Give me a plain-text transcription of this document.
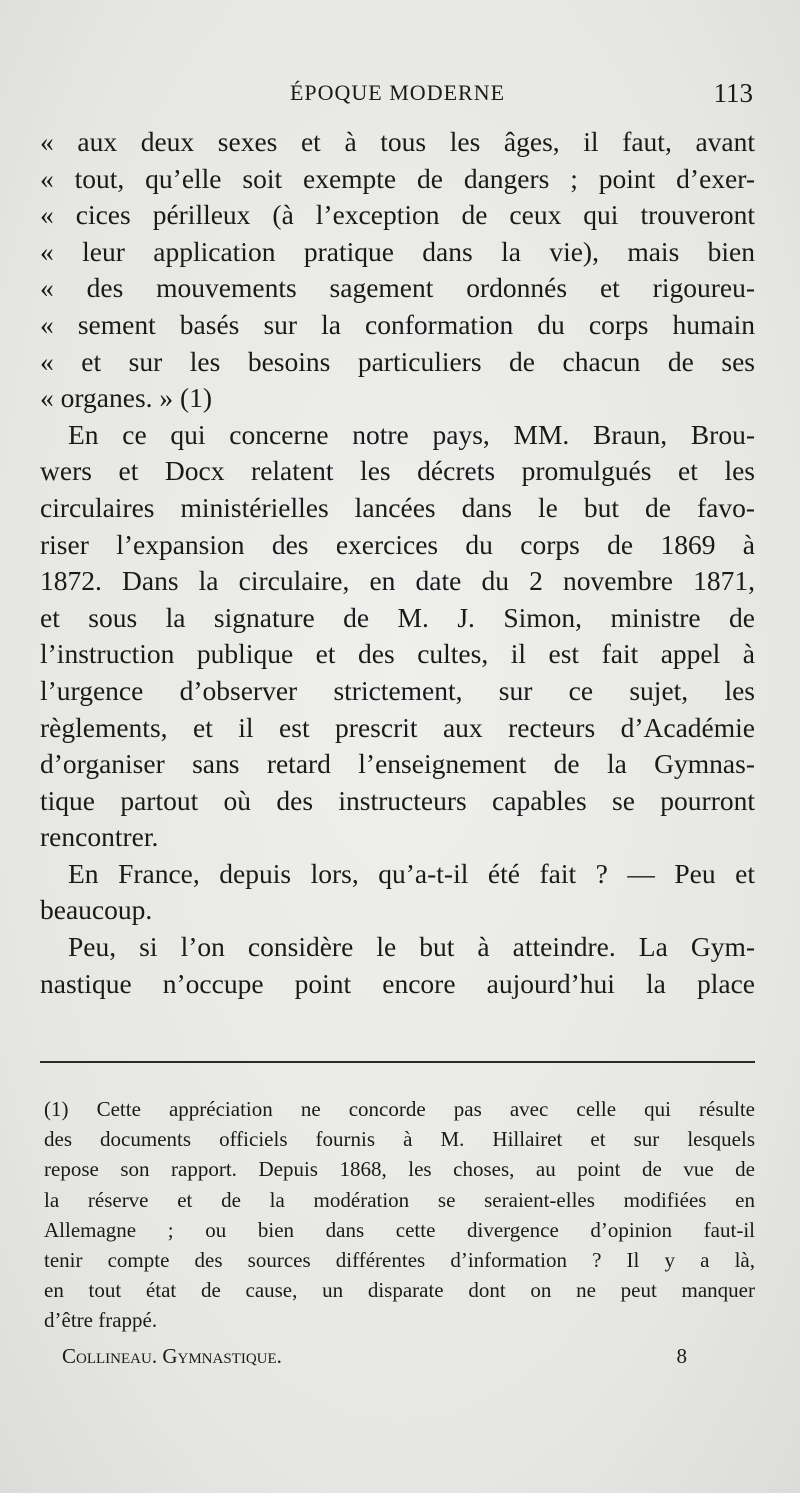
ÉPOQUE MODERNE	113
« aux deux sexes et à tous les âges, il faut, avant
« tout, qu’elle soit exempte de dangers ; point d’exer-
« cices périlleux (à l’exception de ceux qui trouveront
« leur application pratique dans la vie), mais bien
« des mouvements sagement ordonnés et rigoureu-
« sement basés sur la conformation du corps humain
« et sur les besoins particuliers de chacun de ses
« organes. » (1)
En ce qui concerne notre pays, MM. Braun, Brou-
wers et Docx relatent les décrets promulgués et les
circulaires ministérielles lancées dans le but de favo-
riser l’expansion des exercices du corps de 1869 à
1872. Dans la circulaire, en date du 2 novembre 1871,
et sous la signature de M. J. Simon, ministre de
l’instruction publique et des cultes, il est fait appel à
l’urgence d’observer strictement, sur ce sujet, les
règlements, et il est prescrit aux recteurs d’Académie
d’organiser sans retard l’enseignement de la Gymnas-
tique partout où des instructeurs capables se pourront
rencontrer.
En France, depuis lors, qu’a-t-il été fait ? — Peu et
beaucoup.
Peu, si l’on considère le but à atteindre. La Gym-
nastique n’occupe point encore aujourd’hui la place
(1) Cette appréciation ne concorde pas avec celle qui résulte
des documents officiels fournis à M. Hillairet et sur lesquels
repose son rapport. Depuis 1868, les choses, au point de vue de
la réserve et de la modération se seraient-elles modifiées en
Allemagne ; ou bien dans cette divergence d’opinion faut-il
tenir compte des sources différentes d’information ? Il y a là,
en tout état de cause, un disparate dont on ne peut manquer
d’être frappé.
Collineau. Gymnastique.	8
